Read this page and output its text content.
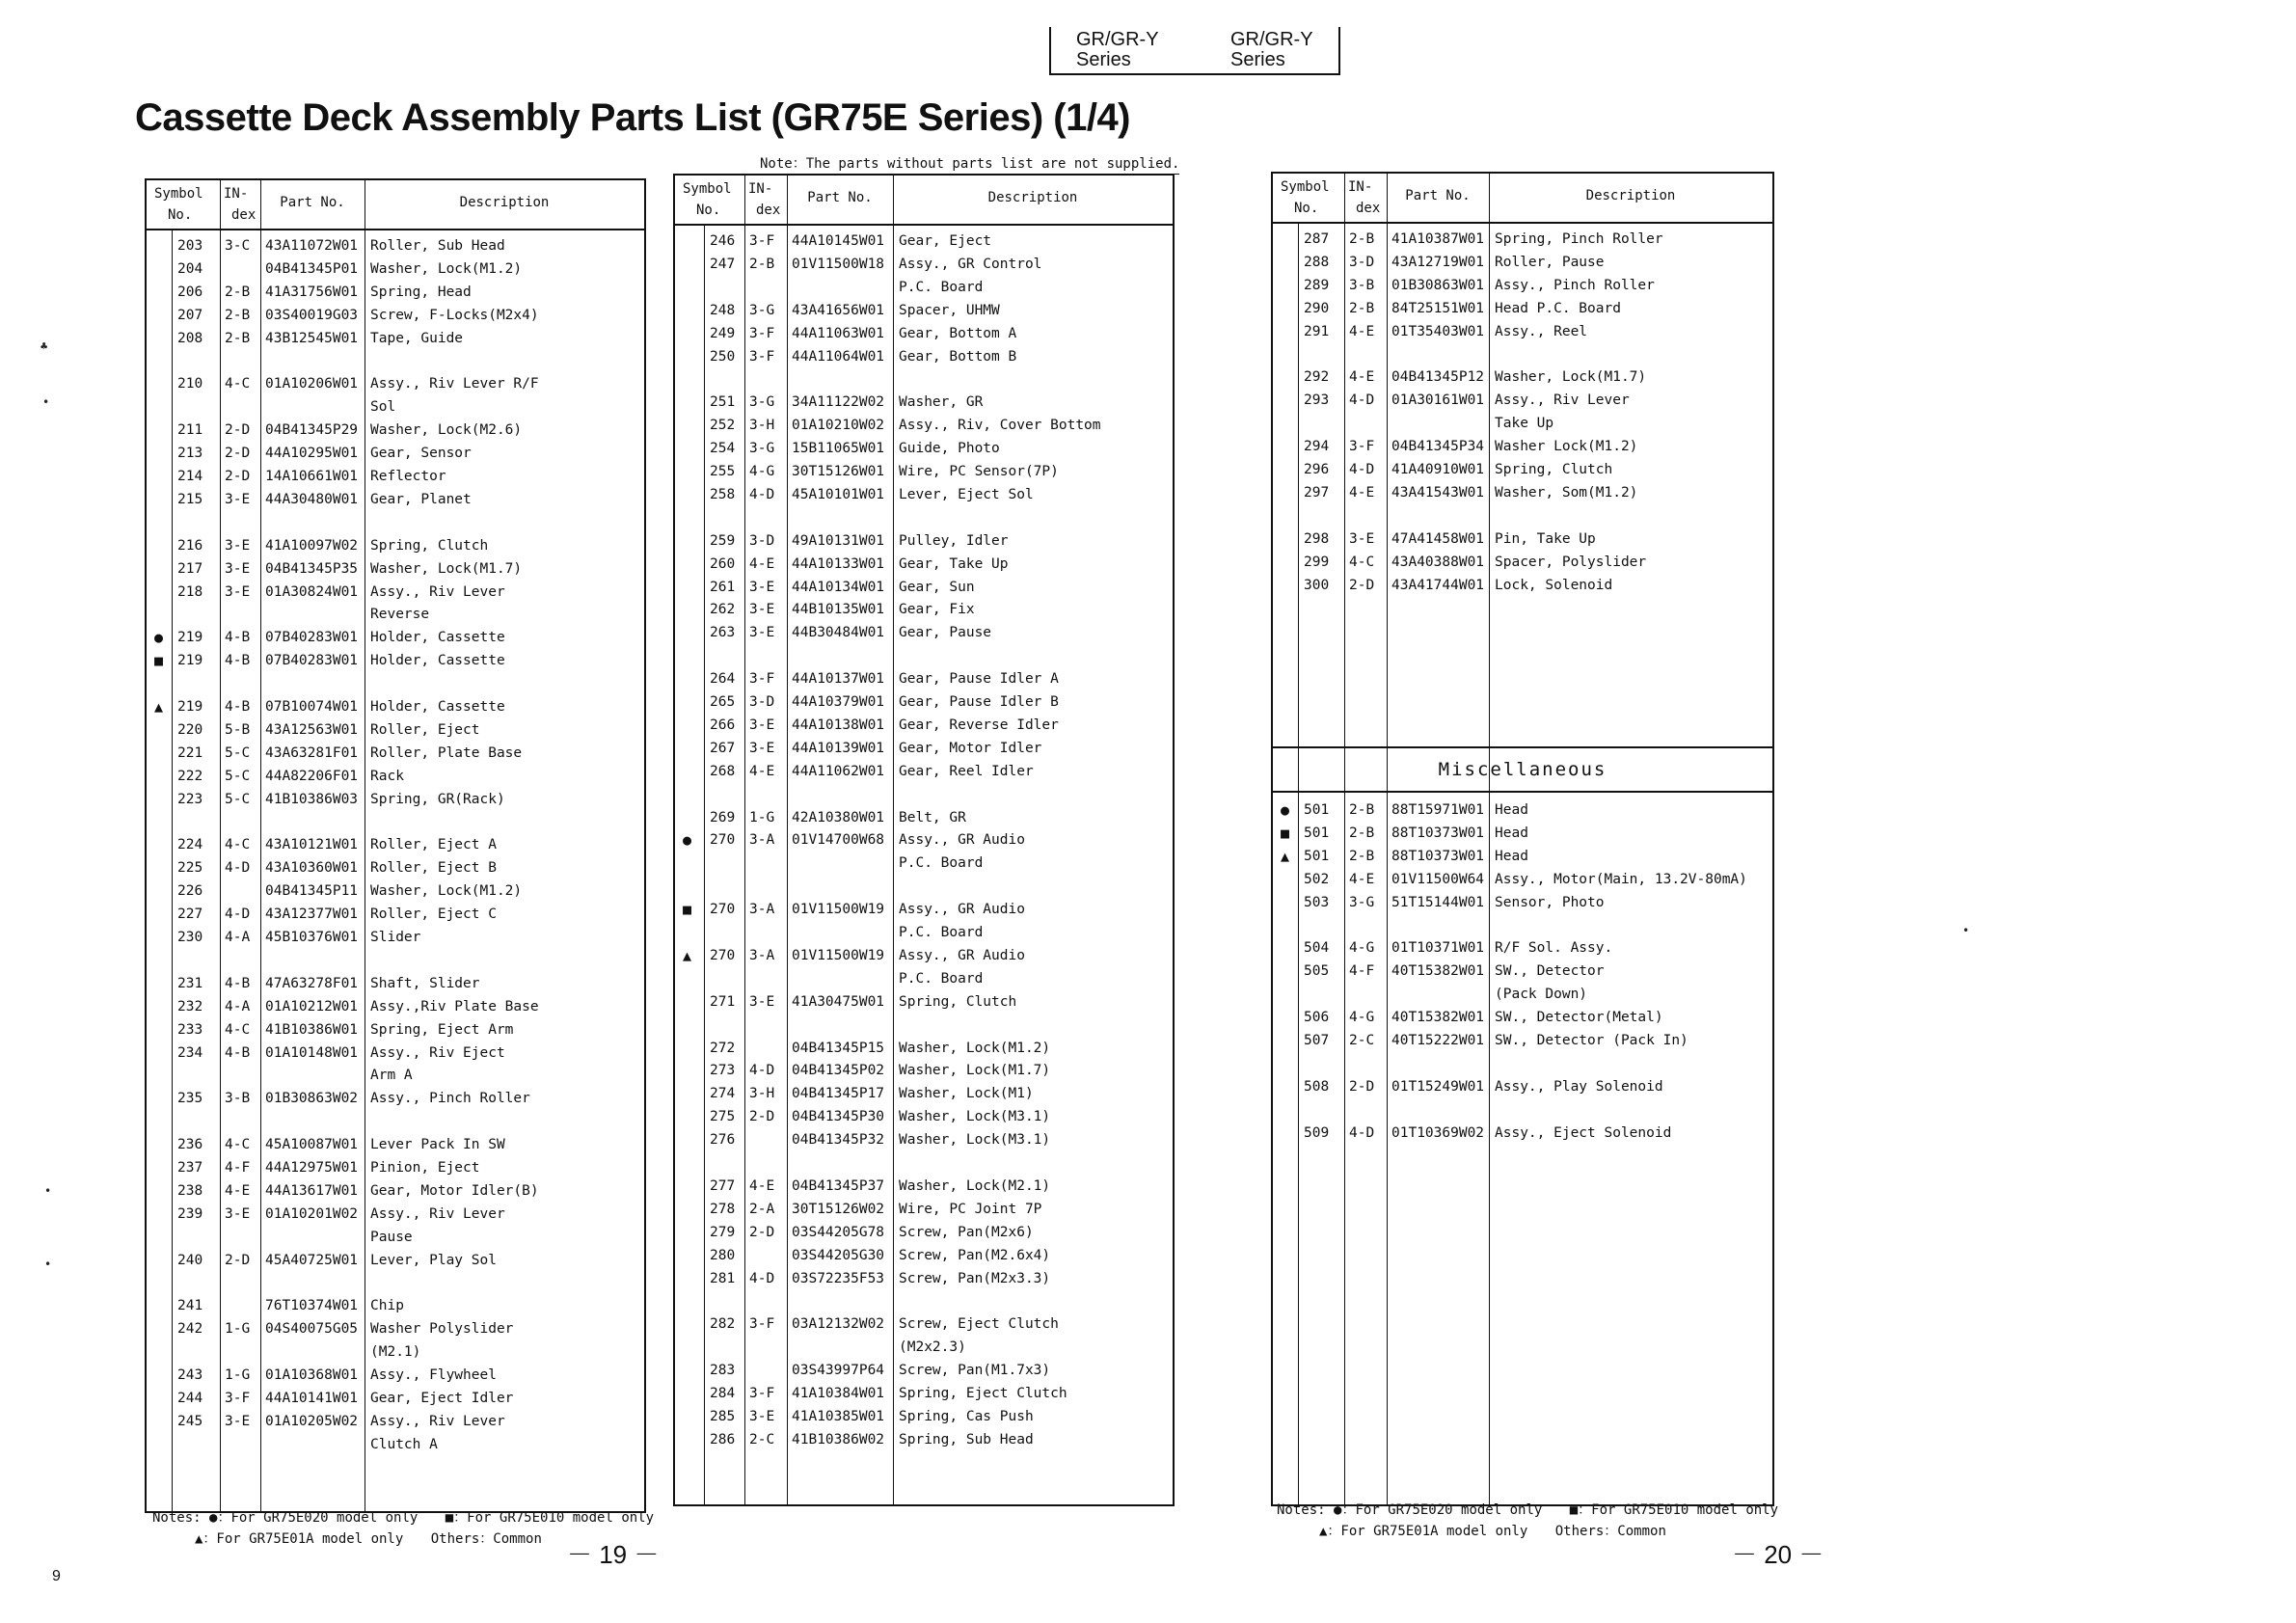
GR/GR-Y
Series
GR/GR-Y
Series
Cassette Deck Assembly Parts List (GR75E Series) (1/4)
Note：The parts without parts list are not supplied.
Symbol
No.
IN-
dex
Part No.	Description
203 3-C 43A11072W01 Roller, Sub Head
204	04B41345P01 Washer, Lock(M1.2)
206 2-B 41A31756W01 Spring, Head
207 2-B 03S40019G03 Screw, F-Locks(M2x4)
208 2-B 43B12545W01 Tape, Guide
210 4-C 01A10206W01 Assy., Riv Lever R/F
Sol
211 2-D 04B41345P29 Washer, Lock(M2.6)
213 2-D 44A10295W01 Gear, Sensor
214 2-D 14A10661W01 Reflector
215 3-E 44A30480W01 Gear, Planet
216 3-E 41A10097W02 Spring, Clutch
217 3-E 04B41345P35 Washer, Lock(M1.7)
218 3-E 01A30824W01 Assy., Riv Lever
Reverse
● 219 4-B 07B40283W01 Holder, Cassette
■ 219 4-B 07B40283W01 Holder, Cassette
▲ 219 4-B 07B10074W01 Holder, Cassette
220 5-B 43A12563W01 Roller, Eject
221 5-C 43A63281F01 Roller, Plate Base
222 5-C 44A82206F01 Rack
223 5-C 41B10386W03 Spring, GR(Rack)
224 4-C 43A10121W01 Roller, Eject A
225 4-D 43A10360W01 Roller, Eject B
226	04B41345P11 Washer, Lock(M1.2)
227 4-D 43A12377W01 Roller, Eject C
230 4-A 45B10376W01 Slider
231 4-B 47A63278F01 Shaft, Slider
232 4-A 01A10212W01 Assy.,Riv Plate Base
233 4-C 41B10386W01 Spring, Eject Arm
234 4-B 01A10148W01 Assy., Riv Eject
Arm A
235 3-B 01B30863W02 Assy., Pinch Roller
236 4-C 45A10087W01 Lever Pack In SW
237 4-F 44A12975W01 Pinion, Eject
238 4-E 44A13617W01 Gear, Motor Idler(B)
239 3-E 01A10201W02 Assy., Riv Lever
Pause
240 2-D 45A40725W01 Lever, Play Sol
241	76T10374W01 Chip
242 1-G 04S40075G05 Washer Polyslider
(M2.1)
243 1-G 01A10368W01 Assy., Flywheel
244 3-F 44A10141W01 Gear, Eject Idler
245 3-E 01A10205W02 Assy., Riv Lever
Clutch A
Symbol
No.
IN-
dex
Part No.	Description
246 3-F 44A10145W01 Gear, Eject
247 2-B 01V11500W18 Assy., GR Control
P.C. Board
248 3-G 43A41656W01 Spacer, UHMW
249 3-F 44A11063W01 Gear, Bottom A
250 3-F 44A11064W01 Gear, Bottom B
251 3-G 34A11122W02 Washer, GR
252 3-H 01A10210W02 Assy., Riv, Cover Bottom
254 3-G 15B11065W01 Guide, Photo
255 4-G 30T15126W01 Wire, PC Sensor(7P)
258 4-D 45A10101W01 Lever, Eject Sol
259 3-D 49A10131W01 Pulley, Idler
260 4-E 44A10133W01 Gear, Take Up
261 3-E 44A10134W01 Gear, Sun
262 3-E 44B10135W01 Gear, Fix
263 3-E 44B30484W01 Gear, Pause
264 3-F 44A10137W01 Gear, Pause Idler A
265 3-D 44A10379W01 Gear, Pause Idler B
266 3-E 44A10138W01 Gear, Reverse Idler
267 3-E 44A10139W01 Gear, Motor Idler
268 4-E 44A11062W01 Gear, Reel Idler
269 1-G 42A10380W01 Belt, GR
● 270 3-A 01V14700W68 Assy., GR Audio
P.C. Board
■ 270 3-A 01V11500W19 Assy., GR Audio
P.C. Board
▲ 270 3-A 01V11500W19 Assy., GR Audio
P.C. Board
271 3-E 41A30475W01 Spring, Clutch
272	04B41345P15 Washer, Lock(M1.2)
273 4-D 04B41345P02 Washer, Lock(M1.7)
274 3-H 04B41345P17 Washer, Lock(M1)
275 2-D 04B41345P30 Washer, Lock(M3.1)
276	04B41345P32 Washer, Lock(M3.1)
277 4-E 04B41345P37 Washer, Lock(M2.1)
278 2-A 30T15126W02 Wire, PC Joint 7P
279 2-D 03S44205G78 Screw, Pan(M2x6)
280	03S44205G30 Screw, Pan(M2.6x4)
281 4-D 03S72235F53 Screw, Pan(M2x3.3)
282 3-F 03A12132W02 Screw, Eject Clutch
(M2x2.3)
283	03S43997P64 Screw, Pan(M1.7x3)
284 3-F 41A10384W01 Spring, Eject Clutch
285 3-E 41A10385W01 Spring, Cas Push
286 2-C 41B10386W02 Spring, Sub Head
Symbol
No.
IN-
dex
Part No.	Description
287 2-B 41A10387W01 Spring, Pinch Roller
288 3-D 43A12719W01 Roller, Pause
289 3-B 01B30863W01 Assy., Pinch Roller
290 2-B 84T25151W01 Head P.C. Board
291 4-E 01T35403W01 Assy., Reel
292 4-E 04B41345P12 Washer, Lock(M1.7)
293 4-D 01A30161W01 Assy., Riv Lever
Take Up
294 3-F 04B41345P34 Washer Lock(M1.2)
296 4-D 41A40910W01 Spring, Clutch
297 4-E 43A41543W01 Washer, Som(M1.2)
298 3-E 47A41458W01 Pin, Take Up
299 4-C 43A40388W01 Spacer, Polyslider
300 2-D 43A41744W01 Lock, Solenoid
Miscellaneous
● 501 2-B 88T15971W01 Head
■ 501 2-B 88T10373W01 Head
▲ 501 2-B 88T10373W01 Head
502 4-E 01V11500W64 Assy., Motor(Main, 13.2V-80mA)
503 3-G 51T15144W01 Sensor, Photo
504 4-G 01T10371W01 R/F Sol. Assy.
505 4-F 40T15382W01 SW., Detector
(Pack Down)
506 4-G 40T15382W01 SW., Detector(Metal)
507 2-C 40T15222W01 SW., Detector (Pack In)
508 2-D 01T15249W01 Assy., Play Solenoid
509 4-D 01T10369W02 Assy., Eject Solenoid
Notes: ●：For GR75E020 model only ■：For GR75E010 model only
▲：For GR75E01A model only Others：Common
Notes: ●：For GR75E020 model only ■：For GR75E010 model only
▲：For GR75E01A model only Others：Common
－ 19 －	－ 20 －
9
♣
•
•
•
•
